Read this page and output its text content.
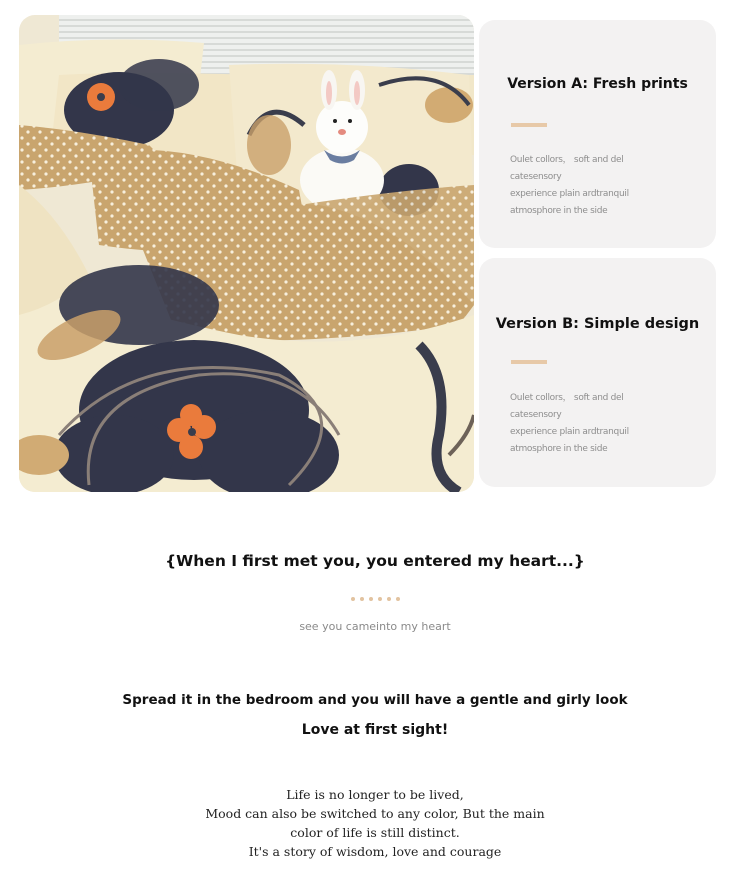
Version A: Fresh prints
Oulet collors， soft and del
catesensory
experience plain ardtranquil
atmosphore in the side
Version B: Simple design
Oulet collors， soft and del
catesensory
experience plain ardtranquil
atmosphore in the side
{When I first met you, you entered my heart...}
see you cameinto my heart
Spread it in the bedroom and you will have a gentle and girly look
Love at first sight!
Life is no longer to be lived,
Mood can also be switched to any color, But the main
color of life is still distinct.
It's a story of wisdom, love and courage
